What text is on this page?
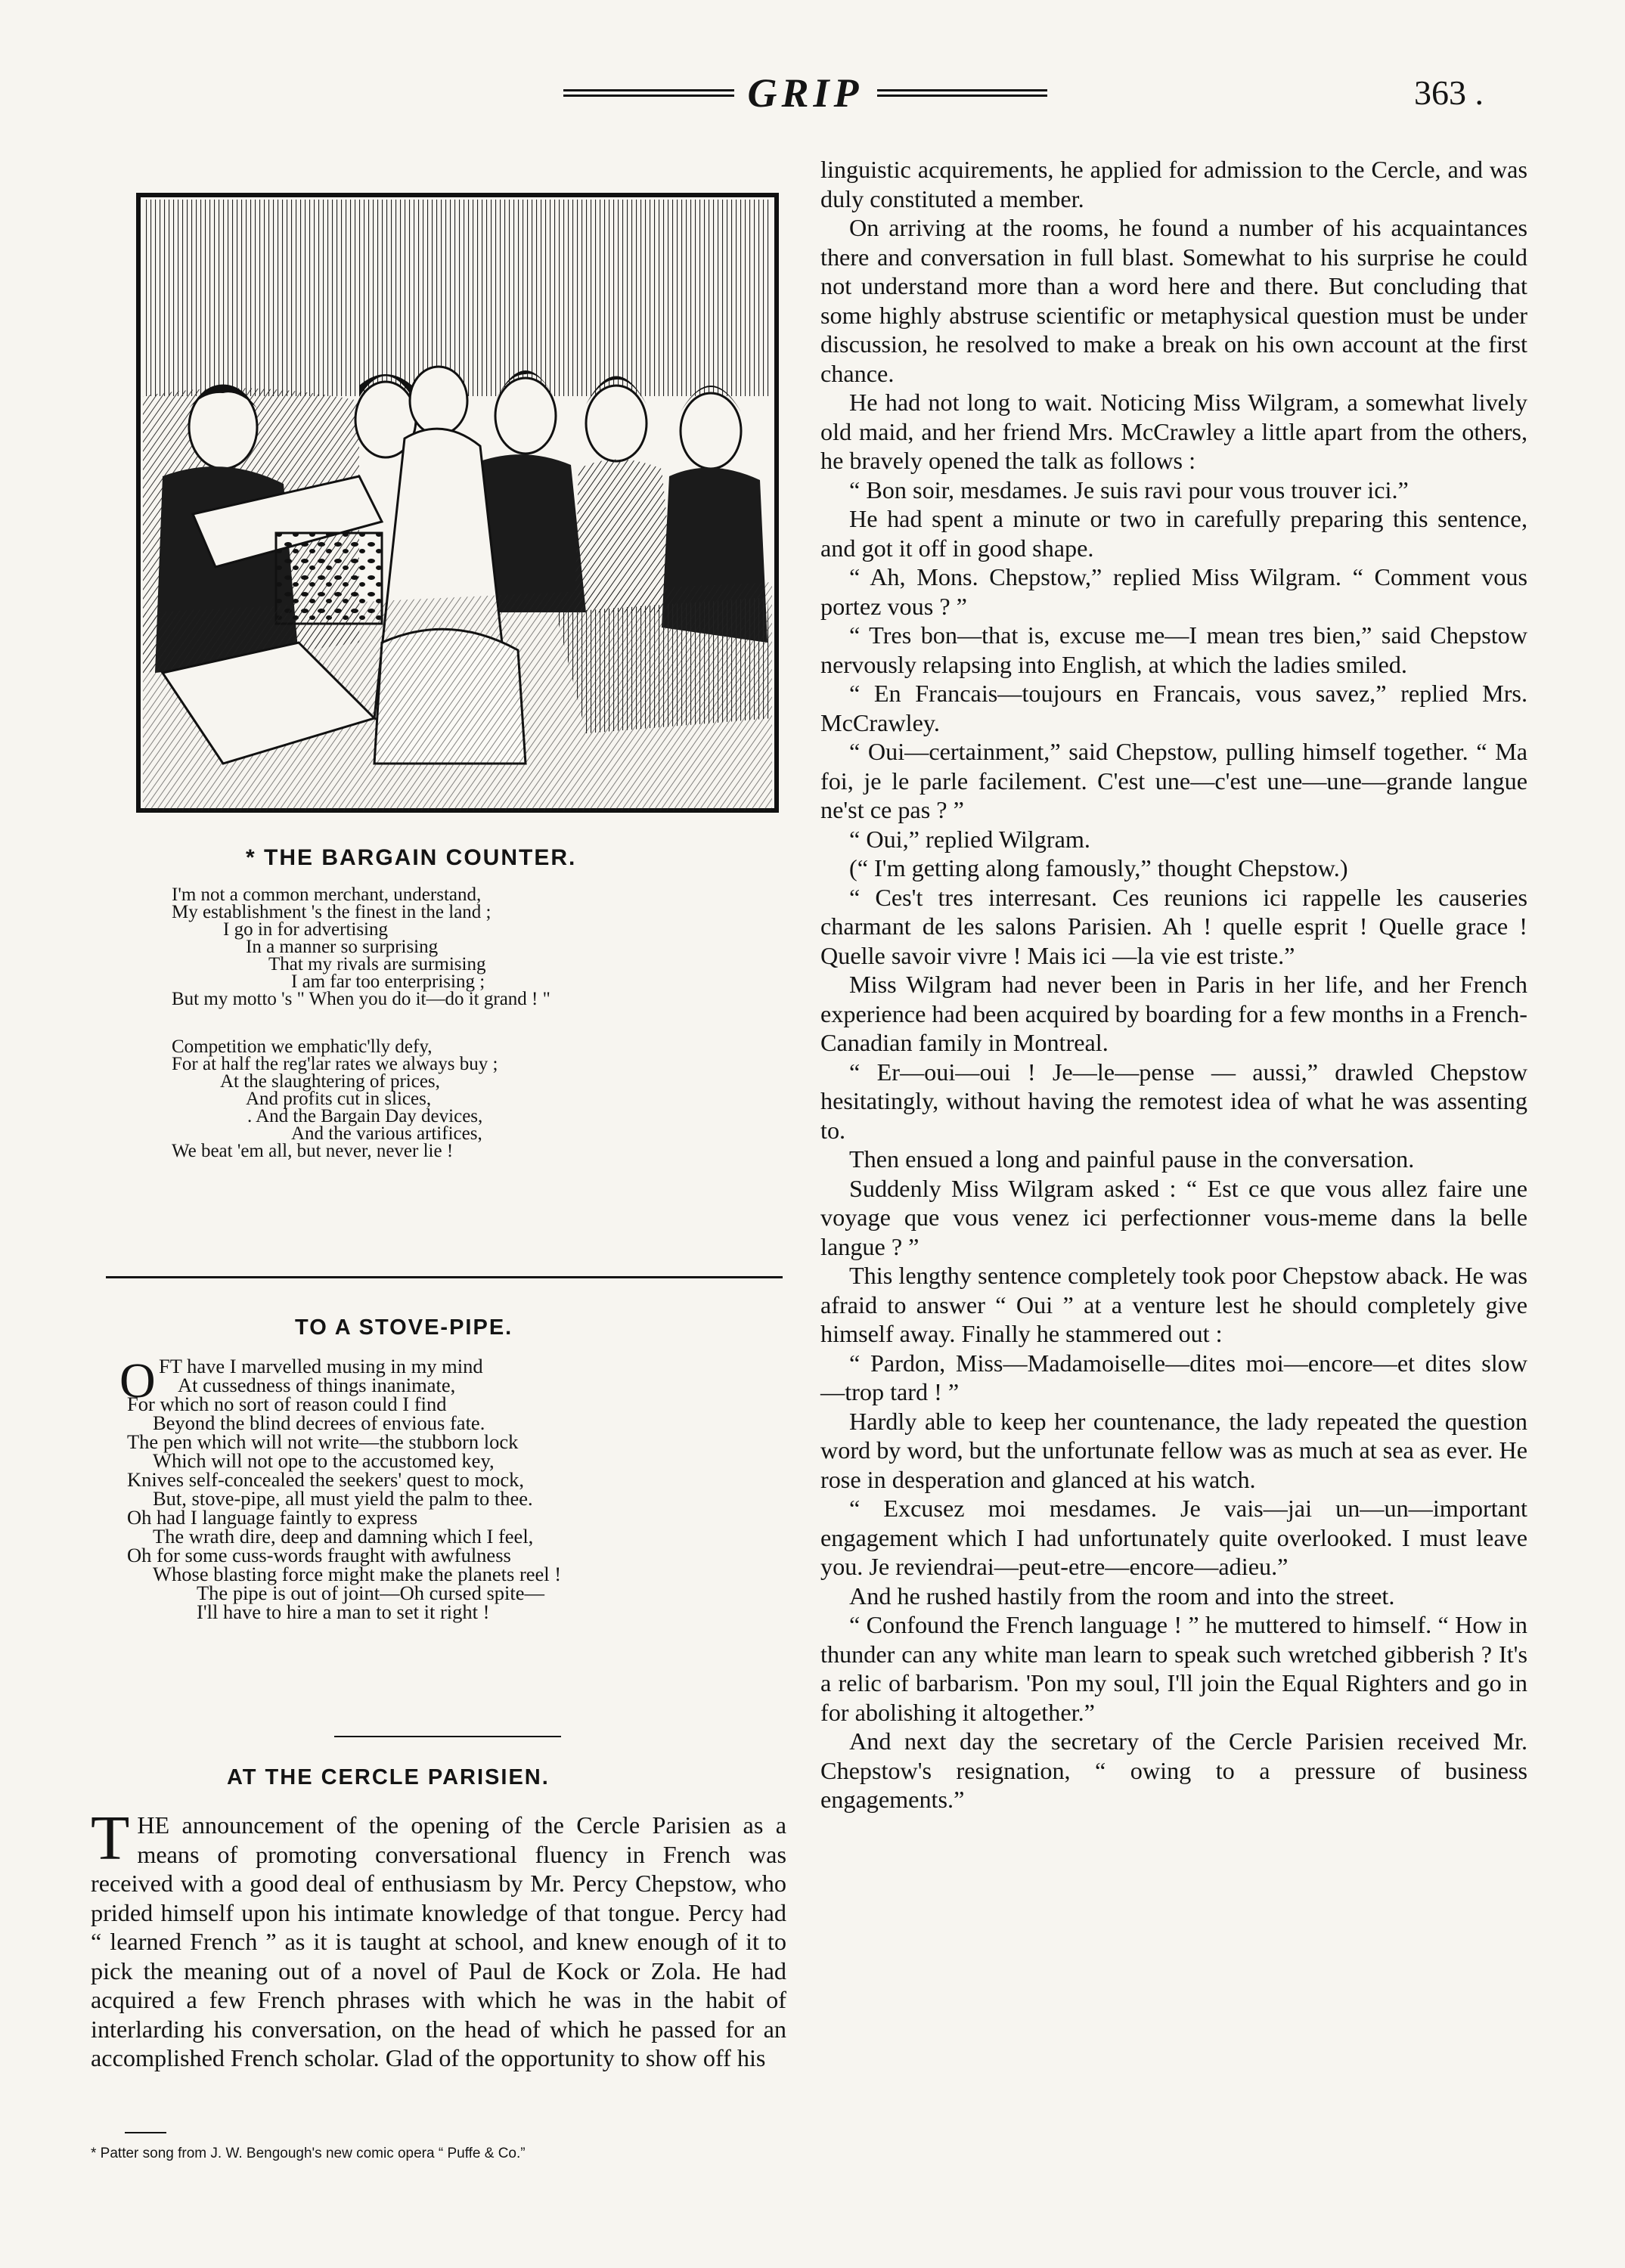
GRIP	363 .
* THE BARGAIN COUNTER.
I'm not a common merchant, understand,
My establishment 's the finest in the land ;
I go in for advertising
In a manner so surprising
That my rivals are surmising
I am far too enterprising ;
But my motto 's " When you do it—do it grand ! "
Competition we emphatic'lly defy,
For at half the reg'lar rates we always buy ;
At the slaughtering of prices,
And profits cut in slices,
. And the Bargain Day devices,
And the various artifices,
We beat 'em all, but never, never lie !
TO A STOVE-PIPE.
O FT have I marvelled musing in my mind
At cussedness of things inanimate,
For which no sort of reason could I find
Beyond the blind decrees of envious fate.
The pen which will not write—the stubborn lock
Which will not ope to the accustomed key,
Knives self-concealed the seekers' quest to mock,
But, stove-pipe, all must yield the palm to thee.
Oh had I language faintly to express
The wrath dire, deep and damning which I feel,
Oh for some cuss-words fraught with awfulness
Whose blasting force might make the planets reel !
The pipe is out of joint—Oh cursed spite—
I'll have to hire a man to set it right !
AT THE CERCLE PARISIEN.
T HE announcement of the opening of the Cercle Parisien as a means of promoting conversational fluency in French was received with a good deal of enthusiasm by Mr. Percy Chepstow, who prided himself upon his intimate knowledge of that tongue. Percy had “ learned French ” as it is taught at school, and knew enough of it to pick the meaning out of a novel of Paul de Kock or Zola. He had acquired a few French phrases with which he was in the habit of interlarding his conversation, on the head of which he passed for an accomplished French scholar. Glad of the opportunity to show off his

* Patter song from J. W. Bengough's new comic opera “ Puffe & Co.”

linguistic acquirements, he applied for admission to the Cercle, and was duly constituted a member.

On arriving at the rooms, he found a number of his acquaintances there and conversation in full blast. Somewhat to his surprise he could not understand more than a word here and there. But concluding that some highly abstruse scientific or metaphysical question must be under discussion, he resolved to make a break on his own account at the first chance.

He had not long to wait. Noticing Miss Wilgram, a somewhat lively old maid, and her friend Mrs. McCrawley a little apart from the others, he bravely opened the talk as follows :

“ Bon soir, mesdames. Je suis ravi pour vous trouver ici.”

He had spent a minute or two in carefully preparing this sentence, and got it off in good shape.

“ Ah, Mons. Chepstow,” replied Miss Wilgram. “ Comment vous portez vous ? ”

“ Tres bon—that is, excuse me—I mean tres bien,” said Chepstow nervously relapsing into English, at which the ladies smiled.

“ En Francais—toujours en Francais, vous savez,” replied Mrs. McCrawley.

“ Oui—certainment,” said Chepstow, pulling himself together. “ Ma foi, je le parle facilement. C'est une—c'est une—une—grande langue ne'st ce pas ? ”

“ Oui,” replied Wilgram.

(“ I'm getting along famously,” thought Chepstow.)

“ Ces't tres interresant. Ces reunions ici rappelle les causeries charmant de les salons Parisien. Ah ! quelle esprit ! Quelle grace ! Quelle savoir vivre ! Mais ici —la vie est triste.”

Miss Wilgram had never been in Paris in her life, and her French experience had been acquired by boarding for a few months in a French-Canadian family in Montreal.

“ Er—oui—oui ! Je—le—pense — aussi,” drawled Chepstow hesitatingly, without having the remotest idea of what he was assenting to.

Then ensued a long and painful pause in the conversation.

Suddenly Miss Wilgram asked : “ Est ce que vous allez faire une voyage que vous venez ici perfectionner vous-meme dans la belle langue ? ”

This lengthy sentence completely took poor Chepstow aback. He was afraid to answer “ Oui ” at a venture lest he should completely give himself away. Finally he stammered out :

“ Pardon, Miss—Madamoiselle—dites moi—encore—et dites slow—trop tard ! ”

Hardly able to keep her countenance, the lady repeated the question word by word, but the unfortunate fellow was as much at sea as ever. He rose in desperation and glanced at his watch.

“ Excusez moi mesdames. Je vais—jai un—un—important engagement which I had unfortunately quite overlooked. I must leave you. Je reviendrai—peut-etre—encore—adieu.”

And he rushed hastily from the room and into the street.

“ Confound the French language ! ” he muttered to himself. “ How in thunder can any white man learn to speak such wretched gibberish ? It's a relic of barbarism. 'Pon my soul, I'll join the Equal Righters and go in for abolishing it altogether.”

And next day the secretary of the Cercle Parisien received Mr. Chepstow's resignation, “ owing to a pressure of business engagements.”
